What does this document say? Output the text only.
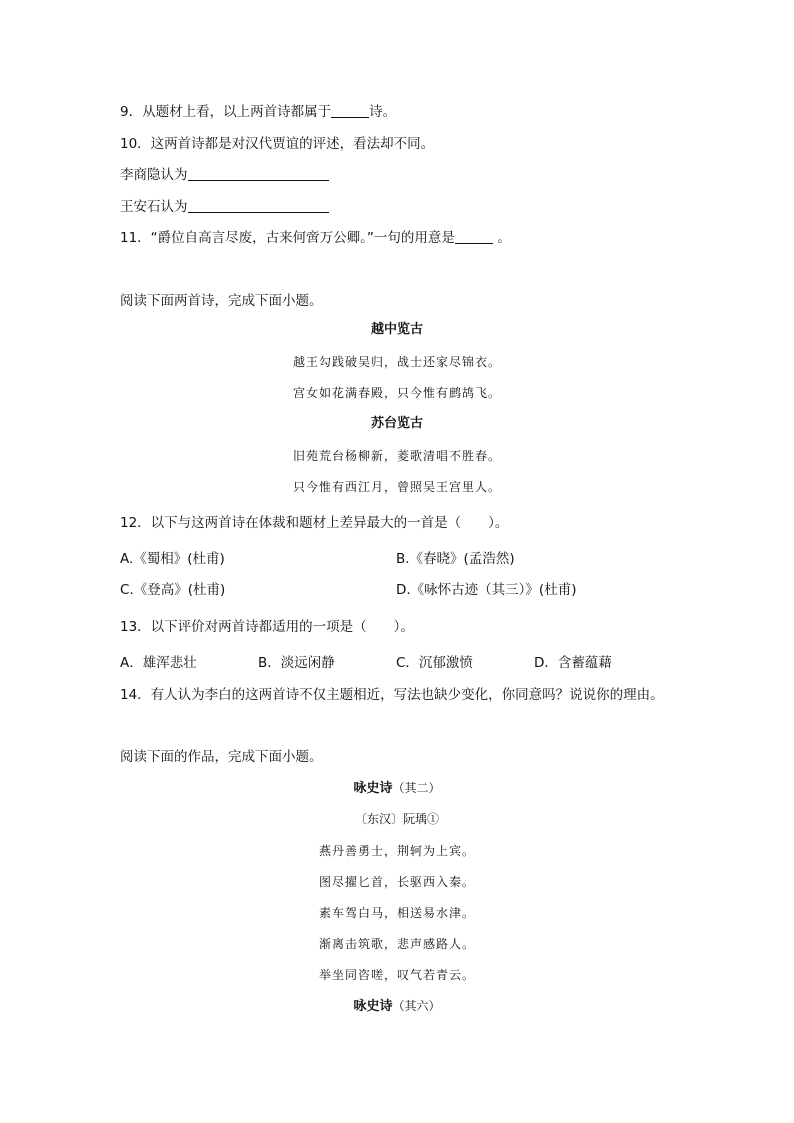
9．从题材上看，以上两首诗都属于	诗。
10．这两首诗都是对汉代贾谊的评述，看法却不同。
李商隐认为
王安石认为
11．“爵位自高言尽废，古来何啻万公卿。”一句的用意是	。
阅读下面两首诗，完成下面小题。
越中览古
越王勾践破吴归，战士还家尽锦衣。
宫女如花满春殿，只今惟有鹧鸪飞。
苏台览古
旧苑荒台杨柳新，菱歌清唱不胜春。
只今惟有西江月，曾照吴王宫里人。
12．以下与这两首诗在体裁和题材上差异最大的一首是（　　）。
A.《蜀相》(杜甫)	B.《春晓》(孟浩然)
C.《登高》(杜甫)	D.《咏怀古迹（其三）》(杜甫)
13．以下评价对两首诗都适用的一项是（　　）。
A．雄浑悲壮	B．淡远闲静	C．沉郁激愤	D．含蓄蕴藉
14．有人认为李白的这两首诗不仅主题相近，写法也缺少变化，你同意吗？说说你的理由。
阅读下面的作品，完成下面小题。
咏史诗（其二）
〔东汉〕阮瑀①
燕丹善勇士，荆轲为上宾。
图尽擢匕首，长驱西入秦。
素车驾白马，相送易水津。
渐离击筑歌，悲声感路人。
举坐同咨嗟，叹气若青云。
咏史诗（其六）
